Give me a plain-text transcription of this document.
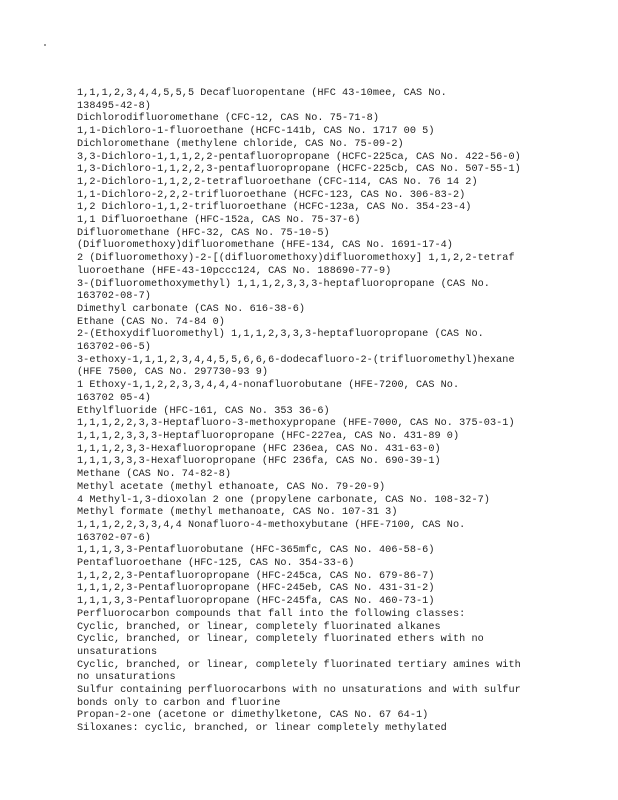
1,1,1,2,3,4,4,5,5,5 Decafluoropentane (HFC 43-10mee, CAS No.
138495-42-8)
Dichlorodifluoromethane (CFC-12, CAS No. 75-71-8)
1,1-Dichloro-1-fluoroethane (HCFC-141b, CAS No. 1717 00 5)
Dichloromethane (methylene chloride, CAS No. 75-09-2)
3,3-Dichloro-1,1,1,2,2-pentafluoropropane (HCFC-225ca, CAS No. 422-56-0)
1,3-Dichloro-1,1,2,2,3-pentafluoropropane (HCFC-225cb, CAS No. 507-55-1)
1,2-Dichloro-1,1,2,2-tetrafluoroethane (CFC-114, CAS No. 76 14 2)
1,1-Dichloro-2,2,2-trifluoroethane (HCFC-123, CAS No. 306-83-2)
1,2 Dichloro-1,1,2-trifluoroethane (HCFC-123a, CAS No. 354-23-4)
1,1 Difluoroethane (HFC-152a, CAS No. 75-37-6)
Difluoromethane (HFC-32, CAS No. 75-10-5)
(Difluoromethoxy)difluoromethane (HFE-134, CAS No. 1691-17-4)
2 (Difluoromethoxy)-2-[(difluoromethoxy)difluoromethoxy] 1,1,2,2-tetraf
luoroethane (HFE-43-10pccc124, CAS No. 188690-77-9)
3-(Difluoromethoxymethyl) 1,1,1,2,3,3,3-heptafluoropropane (CAS No.
163702-08-7)
Dimethyl carbonate (CAS No. 616-38-6)
Ethane (CAS No. 74-84 0)
2-(Ethoxydifluoromethyl) 1,1,1,2,3,3,3-heptafluoropropane (CAS No.
163702-06-5)
3-ethoxy-1,1,1,2,3,4,4,5,5,6,6,6-dodecafluoro-2-(trifluoromethyl)hexane
(HFE 7500, CAS No. 297730-93 9)
1 Ethoxy-1,1,2,2,3,3,4,4,4-nonafluorobutane (HFE-7200, CAS No.
163702 05-4)
Ethylfluoride (HFC-161, CAS No. 353 36-6)
1,1,1,2,2,3,3-Heptafluoro-3-methoxypropane (HFE-7000, CAS No. 375-03-1)
1,1,1,2,3,3,3-Heptafluoropropane (HFC-227ea, CAS No. 431-89 0)
1,1,1,2,3,3-Hexafluoropropane (HFC 236ea, CAS No. 431-63-0)
1,1,1,3,3,3-Hexafluoropropane (HFC 236fa, CAS No. 690-39-1)
Methane (CAS No. 74-82-8)
Methyl acetate (methyl ethanoate, CAS No. 79-20-9)
4 Methyl-1,3-dioxolan 2 one (propylene carbonate, CAS No. 108-32-7)
Methyl formate (methyl methanoate, CAS No. 107-31 3)
1,1,1,2,2,3,3,4,4 Nonafluoro-4-methoxybutane (HFE-7100, CAS No.
163702-07-6)
1,1,1,3,3-Pentafluorobutane (HFC-365mfc, CAS No. 406-58-6)
Pentafluoroethane (HFC-125, CAS No. 354-33-6)
1,1,2,2,3-Pentafluoropropane (HFC-245ca, CAS No. 679-86-7)
1,1,1,2,3-Pentafluoropropane (HFC-245eb, CAS No. 431-31-2)
1,1,1,3,3-Pentafluoropropane (HFC-245fa, CAS No. 460-73-1)
Perfluorocarbon compounds that fall into the following classes:
Cyclic, branched, or linear, completely fluorinated alkanes
Cyclic, branched, or linear, completely fluorinated ethers with no
unsaturations
Cyclic, branched, or linear, completely fluorinated tertiary amines with
no unsaturations
Sulfur containing perfluorocarbons with no unsaturations and with sulfur
bonds only to carbon and fluorine
Propan-2-one (acetone or dimethylketone, CAS No. 67 64-1)
Siloxanes: cyclic, branched, or linear completely methylated
